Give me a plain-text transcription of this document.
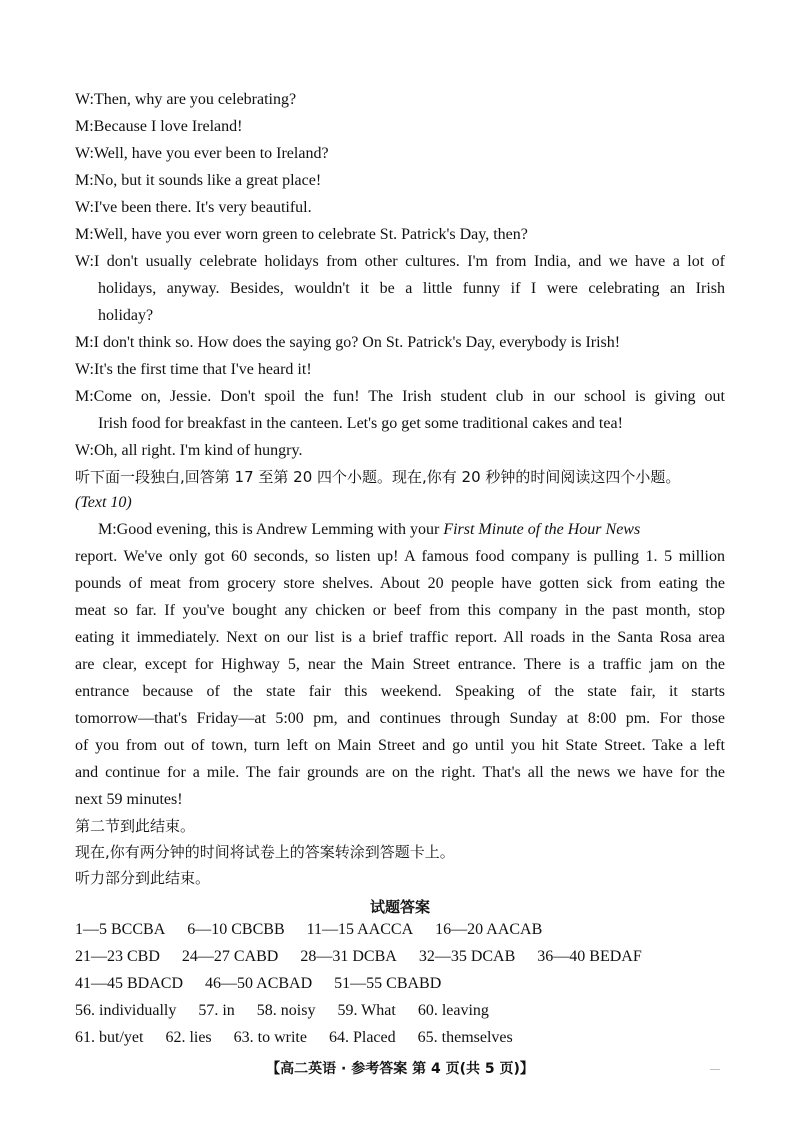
W:Then, why are you celebrating?
M:Because I love Ireland!
W:Well, have you ever been to Ireland?
M:No, but it sounds like a great place!
W:I've been there. It's very beautiful.
M:Well, have you ever worn green to celebrate St. Patrick's Day, then?
W:I don't usually celebrate holidays from other cultures. I'm from India, and we have a lot of
holidays, anyway. Besides, wouldn't it be a little funny if I were celebrating an Irish
holiday?
M:I don't think so. How does the saying go? On St. Patrick's Day, everybody is Irish!
W:It's the first time that I've heard it!
M:Come on, Jessie. Don't spoil the fun! The Irish student club in our school is giving out
Irish food for breakfast in the canteen. Let's go get some traditional cakes and tea!
W:Oh, all right. I'm kind of hungry.
听下面一段独白,回答第 17 至第 20 四个小题。现在,你有 20 秒钟的时间阅读这四个小题。
(Text 10)
M:Good evening, this is Andrew Lemming with your First Minute of the Hour News
report. We've only got 60 seconds, so listen up! A famous food company is pulling 1. 5 million
pounds of meat from grocery store shelves. About 20 people have gotten sick from eating the
meat so far. If you've bought any chicken or beef from this company in the past month, stop
eating it immediately. Next on our list is a brief traffic report. All roads in the Santa Rosa area
are clear, except for Highway 5, near the Main Street entrance. There is a traffic jam on the
entrance because of the state fair this weekend. Speaking of the state fair, it starts
tomorrow—that's Friday—at 5:00 pm, and continues through Sunday at 8:00 pm. For those
of you from out of town, turn left on Main Street and go until you hit State Street. Take a left
and continue for a mile. The fair grounds are on the right. That's all the news we have for the
next 59 minutes!
第二节到此结束。
现在,你有两分钟的时间将试卷上的答案转涂到答题卡上。
听力部分到此结束。
试题答案
1—5 BCCBA 6—10 CBCBB 11—15 AACCA 16—20 AACAB
21—23 CBD 24—27 CABD 28—31 DCBA 32—35 DCAB 36—40 BEDAF
41—45 BDACD 46—50 ACBAD 51—55 CBABD
56. individually 57. in 58. noisy 59. What 60. leaving
61. but/yet 62. lies 63. to write 64. Placed 65. themselves
【高二英语 · 参考答案 第 4 页(共 5 页)】	—
